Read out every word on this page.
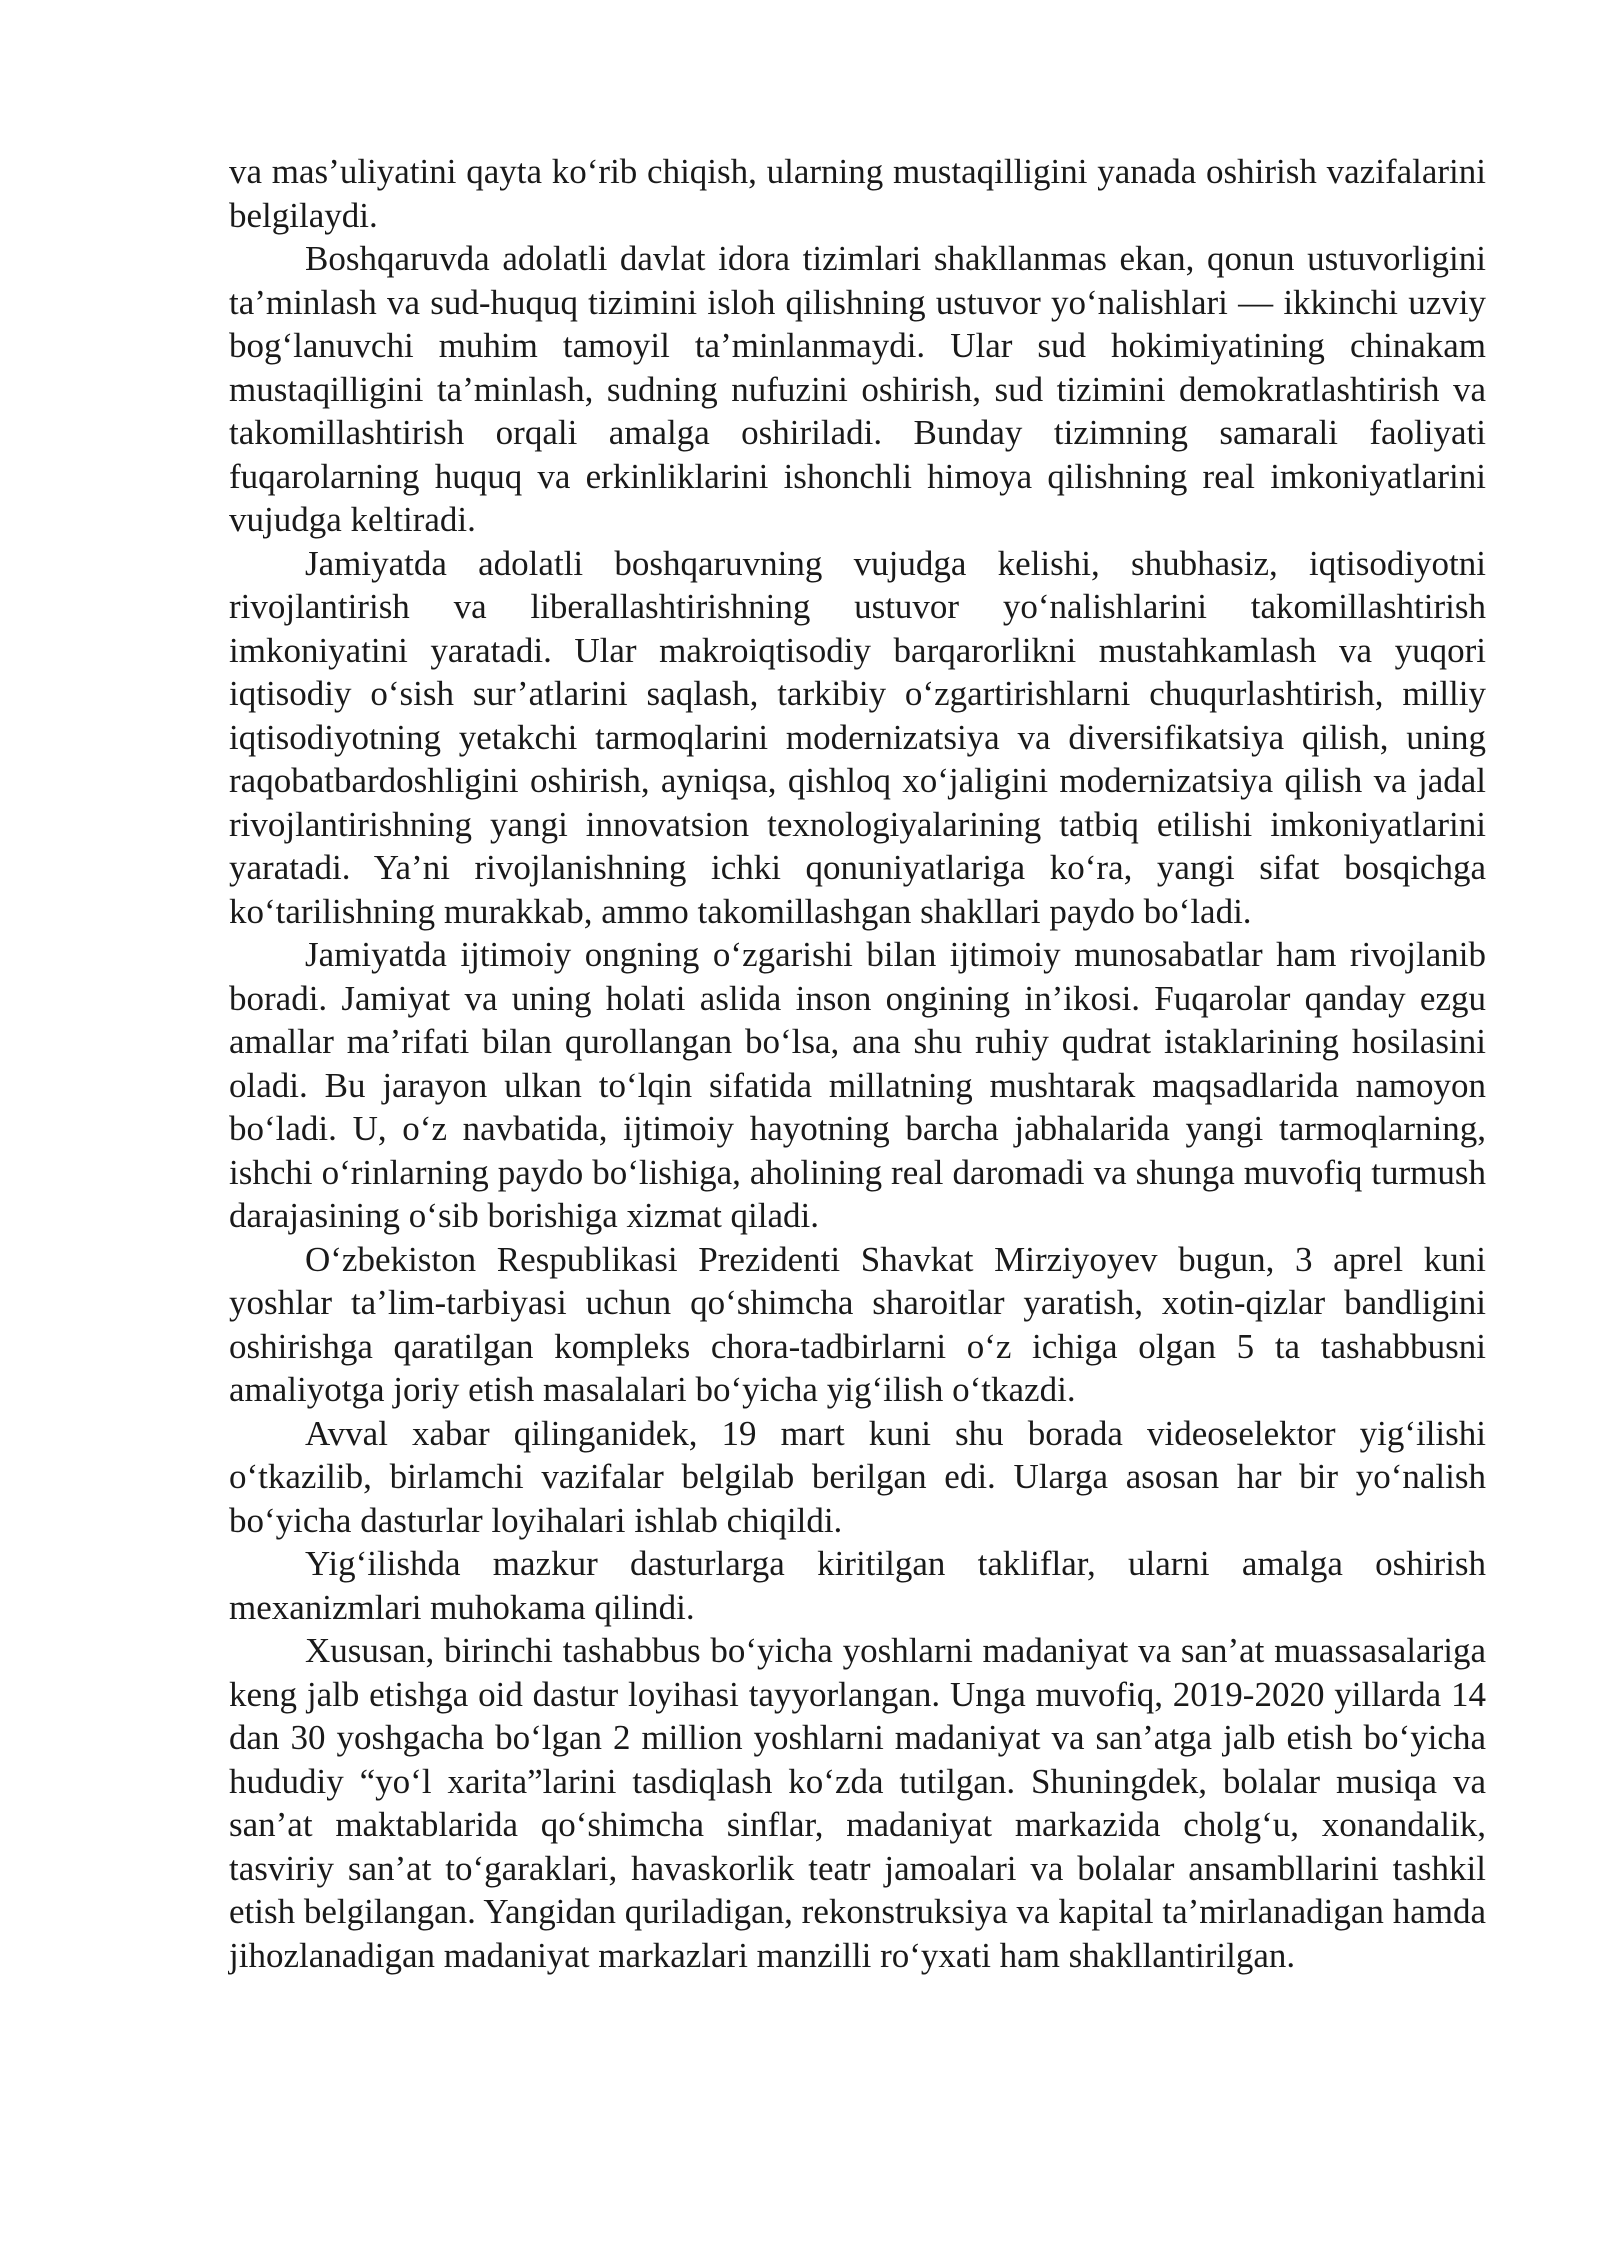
va mas’uliyatini qayta ko‘rib chiqish, ularning mustaqilligini yanada oshirish vazifalarini belgilaydi.

Boshqaruvda adolatli davlat idora tizimlari shakllanmas ekan, qonun ustuvorligini ta’minlash va sud-huquq tizimini isloh qilishning ustuvor yo‘nalishlari — ikkinchi uzviy bog‘lanuvchi muhim tamoyil ta’minlanmaydi. Ular sud hokimiyatining chinakam mustaqilligini ta’minlash, sudning nufuzini oshirish, sud tizimini demokratlashtirish va takomillashtirish orqali amalga oshiriladi. Bunday tizimning samarali faoliyati fuqarolarning huquq va erkinliklarini ishonchli himoya qilishning real imkoniyatlarini vujudga keltiradi.

Jamiyatda adolatli boshqaruvning vujudga kelishi, shubhasiz, iqtisodiyotni rivojlantirish va liberallashtirishning ustuvor yo‘nalishlarini takomillashtirish imkoniyatini yaratadi. Ular makroiqtisodiy barqarorlikni mustahkamlash va yuqori iqtisodiy o‘sish sur’atlarini saqlash, tarkibiy o‘zgartirishlarni chuqurlashtirish, milliy iqtisodiyotning yetakchi tarmoqlarini modernizatsiya va diversifikatsiya qilish, uning raqobatbardoshligini oshirish, ayniqsa, qishloq xo‘jaligini modernizatsiya qilish va jadal rivojlantirishning yangi innovatsion texnologiyalarining tatbiq etilishi imkoniyatlarini yaratadi. Ya’ni rivojlanishning ichki qonuniyatlariga ko‘ra, yangi sifat bosqichga ko‘tarilishning murakkab, ammo takomillashgan shakllari paydo bo‘ladi.

Jamiyatda ijtimoiy ongning o‘zgarishi bilan ijtimoiy munosabatlar ham rivojlanib boradi. Jamiyat va uning holati aslida inson ongining in’ikosi. Fuqarolar qanday ezgu amallar ma’rifati bilan qurollangan bo‘lsa, ana shu ruhiy qudrat istaklarining hosilasini oladi. Bu jarayon ulkan to‘lqin sifatida millatning mushtarak maqsadlarida namoyon bo‘ladi. U, o‘z navbatida, ijtimoiy hayotning barcha jabhalarida yangi tarmoqlarning, ishchi o‘rinlarning paydo bo‘lishiga, aholining real daromadi va shunga muvofiq turmush darajasining o‘sib borishiga xizmat qiladi.

O‘zbekiston Respublikasi Prezidenti Shavkat Mirziyoyev bugun, 3 aprel kuni yoshlar ta’lim-tarbiyasi uchun qo‘shimcha sharoitlar yaratish, xotin-qizlar bandligini oshirishga qaratilgan kompleks chora-tadbirlarni o‘z ichiga olgan 5 ta tashabbusni amaliyotga joriy etish masalalari bo‘yicha yig‘ilish o‘tkazdi.

Avval xabar qilinganidek, 19 mart kuni shu borada videoselektor yig‘ilishi o‘tkazilib, birlamchi vazifalar belgilab berilgan edi. Ularga asosan har bir yo‘nalish bo‘yicha dasturlar loyihalari ishlab chiqildi.

Yig‘ilishda mazkur dasturlarga kiritilgan takliflar, ularni amalga oshirish mexanizmlari muhokama qilindi.

Xususan, birinchi tashabbus bo‘yicha yoshlarni madaniyat va san’at muassasalariga keng jalb etishga oid dastur loyihasi tayyorlangan. Unga muvofiq, 2019-2020 yillarda 14 dan 30 yoshgacha bo‘lgan 2 million yoshlarni madaniyat va san’atga jalb etish bo‘yicha hududiy “yo‘l xarita”larini tasdiqlash ko‘zda tutilgan. Shuningdek, bolalar musiqa va san’at maktablarida qo‘shimcha sinflar, madaniyat markazida cholg‘u, xonandalik, tasviriy san’at to‘garaklari, havaskorlik teatr jamoalari va bolalar ansambllarini tashkil etish belgilangan. Yangidan quriladigan, rekonstruksiya va kapital ta’mirlanadigan hamda jihozlanadigan madaniyat markazlari manzilli ro‘yxati ham shakllantirilgan.
